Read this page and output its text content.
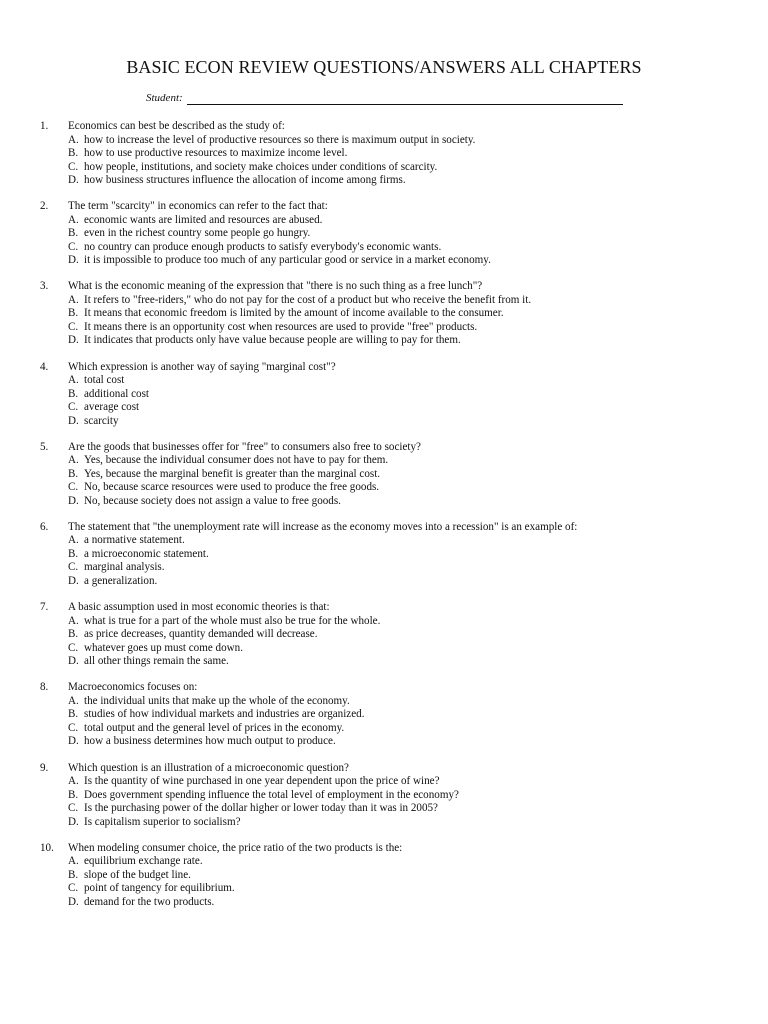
BASIC ECON REVIEW QUESTIONS/ANSWERS ALL CHAPTERS
Student:
1.	Economics can best be described as the study of:
A. how to increase the level of productive resources so there is maximum output in society.
B. how to use productive resources to maximize income level.
C. how people, institutions, and society make choices under conditions of scarcity.
D. how business structures influence the allocation of income among firms.
2.	The term "scarcity" in economics can refer to the fact that:
A. economic wants are limited and resources are abused.
B. even in the richest country some people go hungry.
C. no country can produce enough products to satisfy everybody's economic wants.
D. it is impossible to produce too much of any particular good or service in a market economy.
3.	What is the economic meaning of the expression that "there is no such thing as a free lunch"?
A. It refers to "free-riders," who do not pay for the cost of a product but who receive the benefit from it.
B. It means that economic freedom is limited by the amount of income available to the consumer.
C. It means there is an opportunity cost when resources are used to provide "free" products.
D. It indicates that products only have value because people are willing to pay for them.
4.	Which expression is another way of saying "marginal cost"?
A. total cost
B. additional cost
C. average cost
D. scarcity
5.	Are the goods that businesses offer for "free" to consumers also free to society?
A. Yes, because the individual consumer does not have to pay for them.
B. Yes, because the marginal benefit is greater than the marginal cost.
C. No, because scarce resources were used to produce the free goods.
D. No, because society does not assign a value to free goods.
6.	The statement that "the unemployment rate will increase as the economy moves into a recession" is an example of:
A. a normative statement.
B. a microeconomic statement.
C. marginal analysis.
D. a generalization.
7.	A basic assumption used in most economic theories is that:
A. what is true for a part of the whole must also be true for the whole.
B. as price decreases, quantity demanded will decrease.
C. whatever goes up must come down.
D. all other things remain the same.
8.	Macroeconomics focuses on:
A. the individual units that make up the whole of the economy.
B. studies of how individual markets and industries are organized.
C. total output and the general level of prices in the economy.
D. how a business determines how much output to produce.
9.	Which question is an illustration of a microeconomic question?
A. Is the quantity of wine purchased in one year dependent upon the price of wine?
B. Does government spending influence the total level of employment in the economy?
C. Is the purchasing power of the dollar higher or lower today than it was in 2005?
D. Is capitalism superior to socialism?
10.	When modeling consumer choice, the price ratio of the two products is the:
A. equilibrium exchange rate.
B. slope of the budget line.
C. point of tangency for equilibrium.
D. demand for the two products.
